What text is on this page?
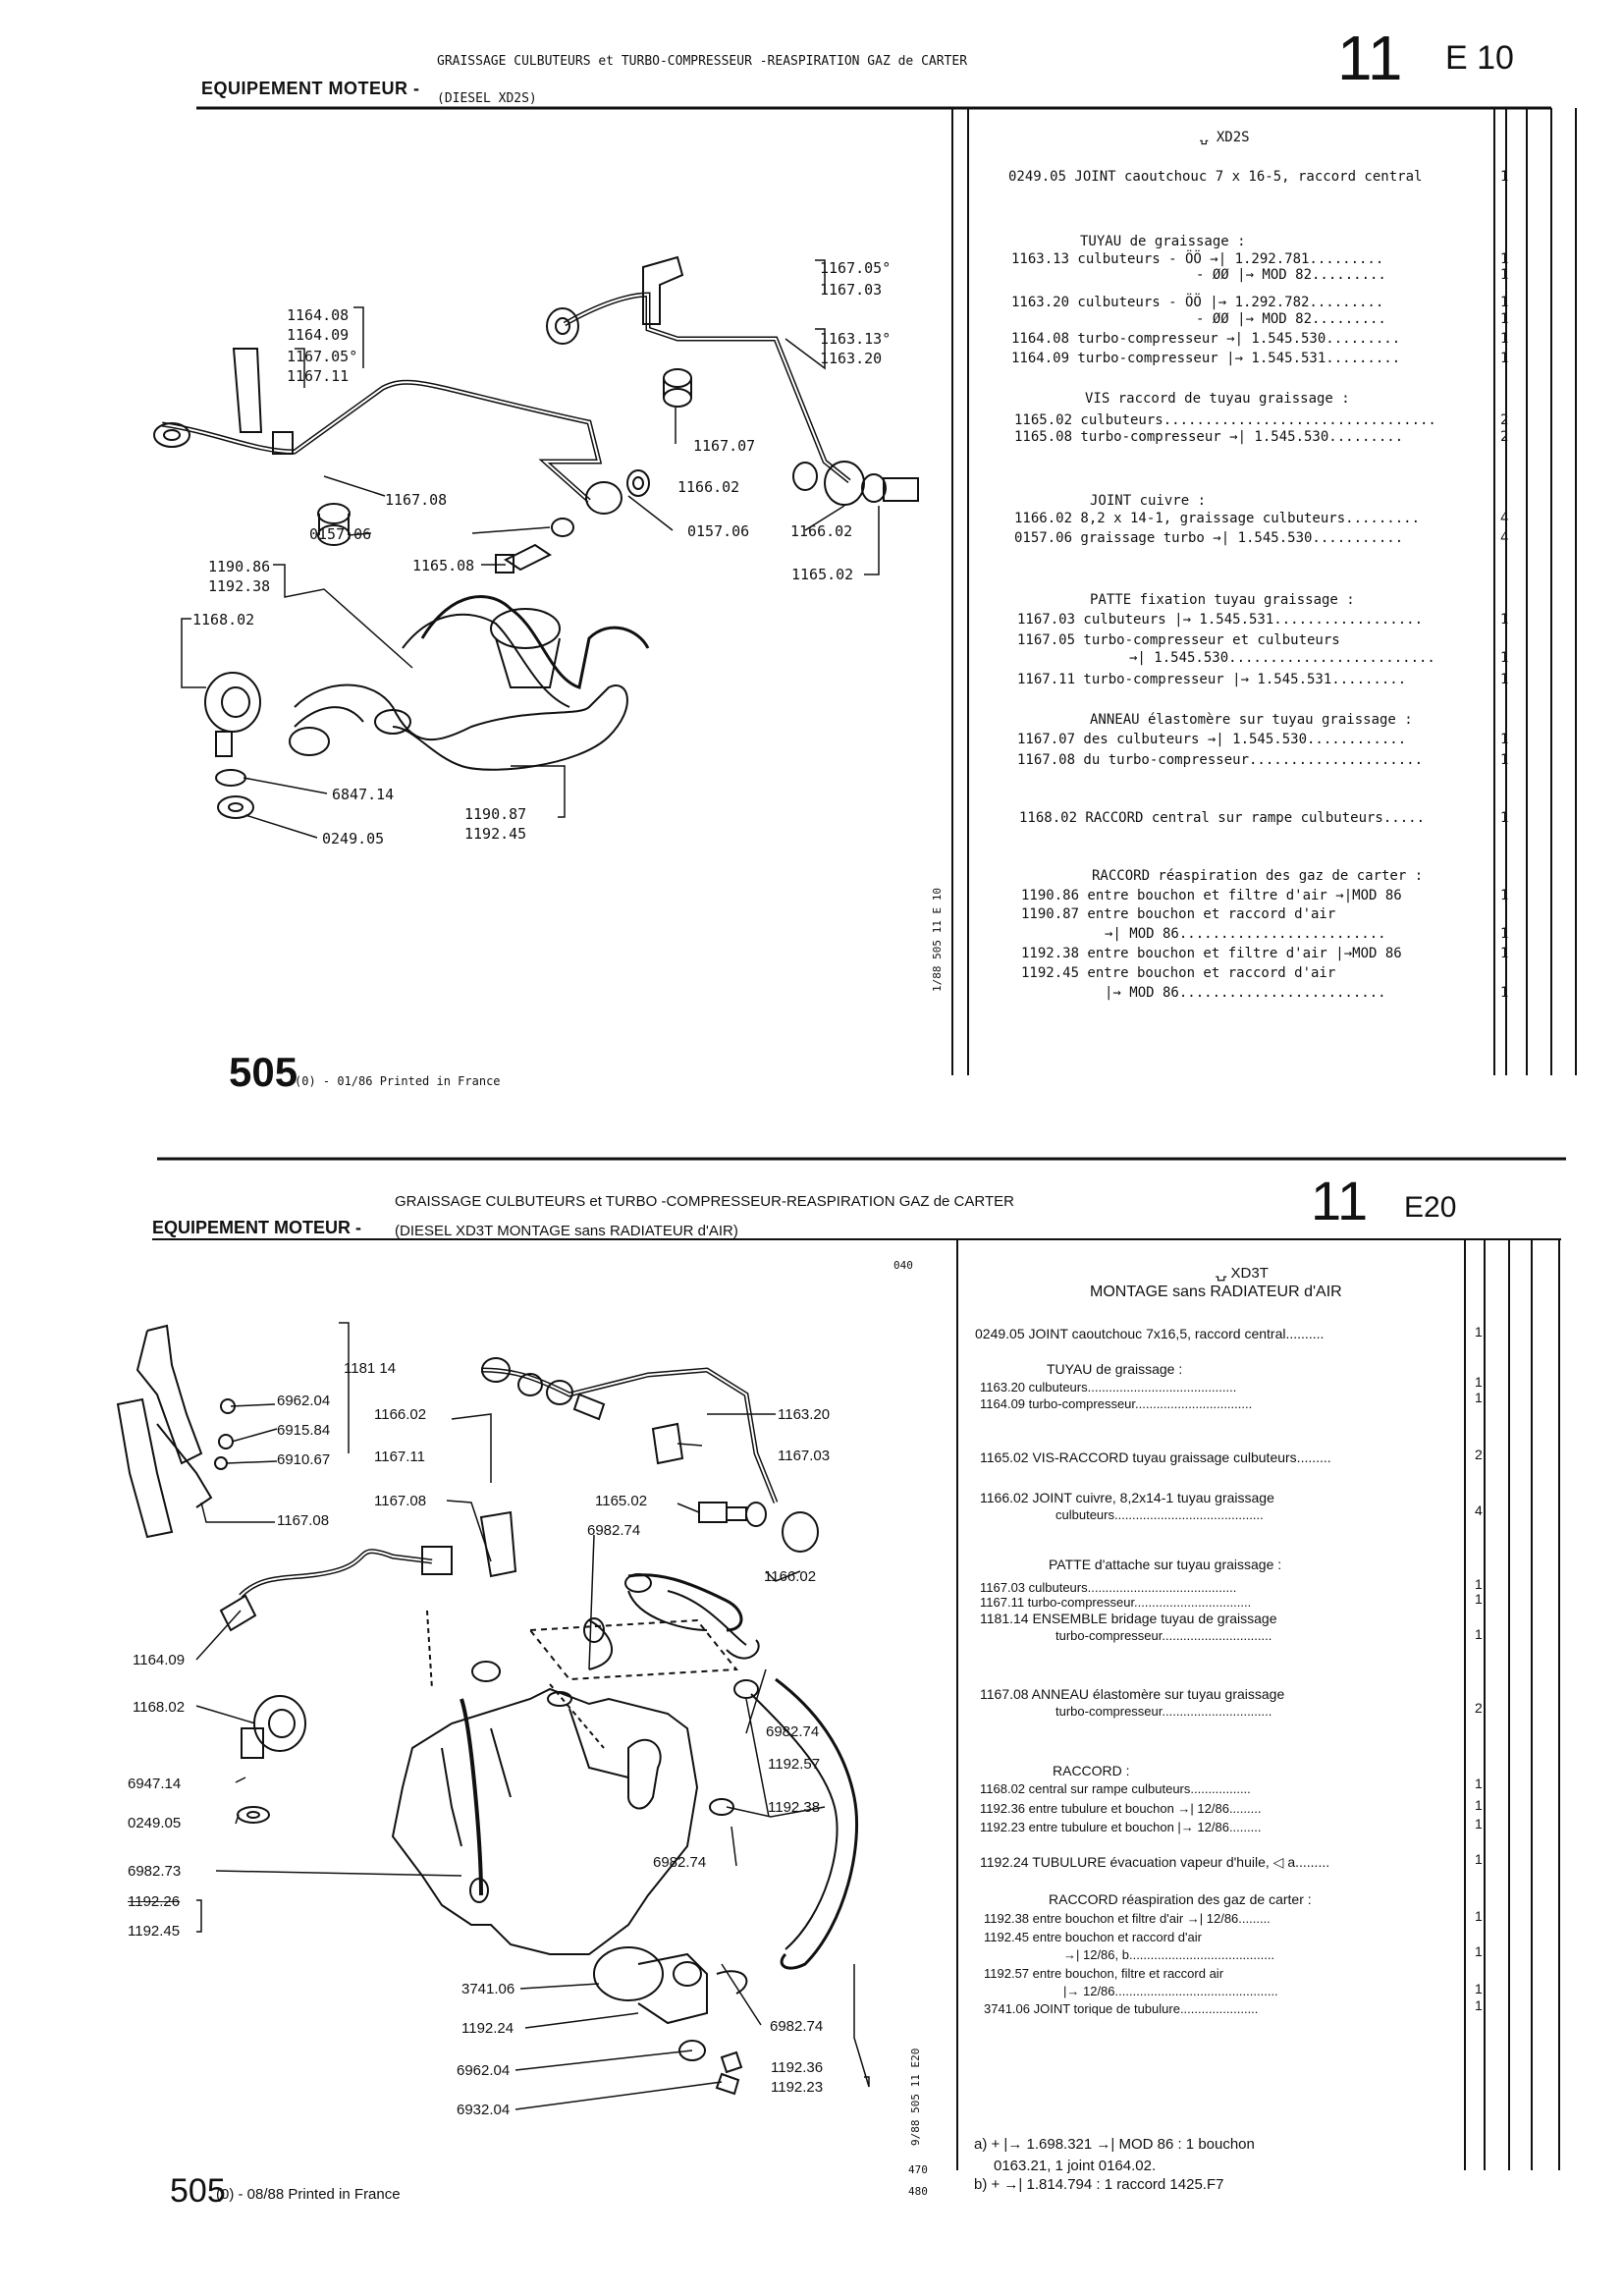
EQUIPEMENT MOTEUR -
GRAISSAGE CULBUTEURS et TURBO-COMPRESSEUR -REASPIRATION GAZ de CARTER
(DIESEL XD2S)
11 E 10
⍽ XD2S
0249.05 JOINT caoutchouc 7 x 16-5, raccord central	1
TUYAU de graissage :
1163.13 culbuteurs - ÖÖ →| 1.292.781.........	1
- ØØ |→ MOD 82.........	1
1163.20 culbuteurs - ÖÖ |→ 1.292.782.........	1
- ØØ |→ MOD 82.........	1
1164.08 turbo-compresseur →| 1.545.530.........	1
1164.09 turbo-compresseur |→ 1.545.531.........	1
VIS raccord de tuyau graissage :
1165.02 culbuteurs.................................	2
1165.08 turbo-compresseur →| 1.545.530.........	2
JOINT cuivre :
1166.02 8,2 x 14-1, graissage culbuteurs.........	4
0157.06 graissage turbo →| 1.545.530...........	4
PATTE fixation tuyau graissage :
1167.03 culbuteurs |→ 1.545.531..................	1
1167.05 turbo-compresseur et culbuteurs
→| 1.545.530.........................	1
1167.11 turbo-compresseur |→ 1.545.531.........	1
ANNEAU élastomère sur tuyau graissage :
1167.07 des culbuteurs →| 1.545.530............	1
1167.08 du turbo-compresseur.....................	1
1168.02 RACCORD central sur rampe culbuteurs.....	1
RACCORD réaspiration des gaz de carter :
1190.86 entre bouchon et filtre d'air →|MOD 86	1
1190.87 entre bouchon et raccord d'air
→| MOD 86.........................	1
1192.38 entre bouchon et filtre d'air |→MOD 86	1
1192.45 entre bouchon et raccord d'air
|→ MOD 86.........................	1
1/88 505 11 E 10
505
(0) - 01/86 Printed in France
1164.08
1164.09
1167.05°
1167.11
1167.05°
1167.03
1163.13°
1163.20
1167.07
1167.08
0157.06
1166.02
0157.06	1166.02
1165.08	1165.02
1190.86
1192.38
1168.02
6847.14
0249.05
1190.87
1192.45
EQUIPEMENT MOTEUR -
GRAISSAGE CULBUTEURS et TURBO -COMPRESSEUR-REASPIRATION GAZ de CARTER
(DIESEL XD3T MONTAGE sans RADIATEUR d'AIR)	11 E20
040	⍽ XD3T
MONTAGE sans RADIATEUR d'AIR
0249.05 JOINT caoutchouc 7x16,5, raccord central..........	1
TUYAU de graissage :
1163.20 culbuteurs..........................................	1
1164.09 turbo-compresseur.................................	1
1165.02 VIS-RACCORD tuyau graissage culbuteurs.........	2
1166.02 JOINT cuivre, 8,2x14-1 tuyau graissage
culbuteurs..........................................	4
PATTE d'attache sur tuyau graissage :
1167.03 culbuteurs..........................................	1
1167.11 turbo-compresseur.................................	1
1181.14 ENSEMBLE bridage tuyau de graissage
turbo-compresseur...............................	1
1167.08 ANNEAU élastomère sur tuyau graissage
turbo-compresseur...............................	2
RACCORD :
1168.02 central sur rampe culbuteurs.................	1
1192.36 entre tubulure et bouchon →| 12/86.........	1
1192.23 entre tubulure et bouchon |→ 12/86.........	1
1192.24 TUBULURE évacuation vapeur d'huile, ◁ a.........	1
RACCORD réaspiration des gaz de carter :
1192.38 entre bouchon et filtre d'air →| 12/86.........	1
1192.45 entre bouchon et raccord d'air
→| 12/86, b.........................................	1
1192.57 entre bouchon, filtre et raccord air
|→ 12/86..............................................	1
3741.06 JOINT torique de tubulure......................	1
a) + |→ 1.698.321 →| MOD 86 : 1 bouchon
0163.21, 1 joint 0164.02.
b) + →| 1.814.794 : 1 raccord 1425.F7
9/88 505 11 E20
470
480
505
(0) - 08/88 Printed in France
1181 14
6962.04
6915.84
6910.67
1167.08
1166.02	1163.20
1167.03
1167.11
1165.02
1167.08
6982.74
1166.02
1164.09
1168.02
6982.74
1192.57
6947.14
1192.38
0249.05
6982.73
6982.74
1192.26
1192.45
3741.06
1192.24	6982.74
6962.04	1192.36
6932.04
1192.23
